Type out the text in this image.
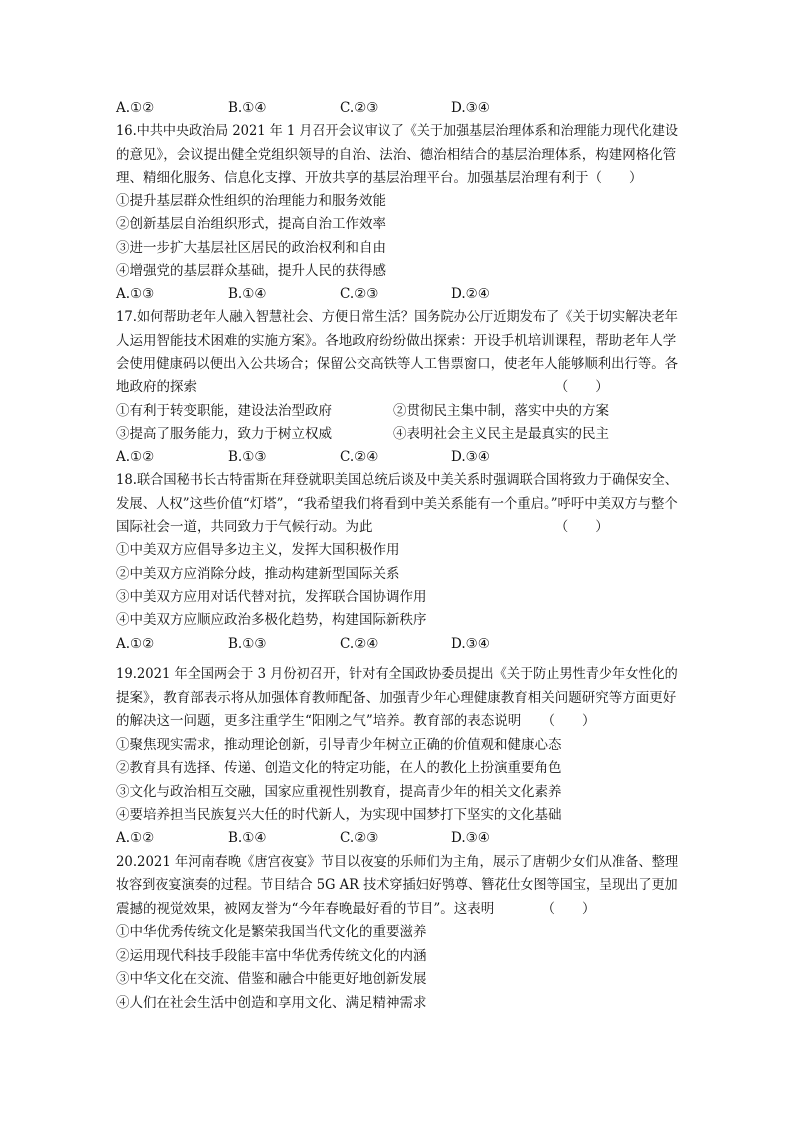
A.①②	B.①④	C.②③	D.③④
16.中共中央政治局 2021 年 1 月召开会议审议了《关于加强基层治理体系和治理能力现代化建设
的意见》，会议提出健全党组织领导的自治、法治、德治相结合的基层治理体系，构建网格化管
理、精细化服务、信息化支撑、开放共享的基层治理平台。加强基层治理有利于（　　）
①提升基层群众性组织的治理能力和服务效能
②创新基层自治组织形式，提高自治工作效率
③进一步扩大基层社区居民的政治权利和自由
④增强党的基层群众基础，提升人民的获得感
A.①③	B.①④	C.②③	D.②④
17.如何帮助老年人融入智慧社会、方便日常生活？国务院办公厅近期发布了《关于切实解决老年
人运用智能技术困难的实施方案》。各地政府纷纷做出探索：开设手机培训课程，帮助老年人学
会使用健康码以便出入公共场合；保留公交高铁等人工售票窗口，使老年人能够顺利出行等。各
地政府的探索　　　　　　　　　　　　　　　　　　　　　　　　　　　（　　）
①有利于转变职能，建设法治型政府	②贯彻民主集中制，落实中央的方案
③提高了服务能力，致力于树立权威	④表明社会主义民主是最真实的民主
A.①②	B.①③	C.②④	D.③④
18.联合国秘书长古特雷斯在拜登就职美国总统后谈及中美关系时强调联合国将致力于确保安全、
发展、人权”这些价值“灯塔”，“我希望我们将看到中美关系能有一个重启。”呼吁中美双方与整个
国际社会一道，共同致力于气候行动。为此　　　　　　　　　　　　　　（　　）
①中美双方应倡导多边主义，发挥大国积极作用
②中美双方应消除分歧，推动构建新型国际关系
③中美双方应用对话代替对抗，发挥联合国协调作用
④中美双方应顺应政治多极化趋势，构建国际新秩序
A.①②	B.①③	C.②④	D.③④
19.2021 年全国两会于 3 月份初召开，针对有全国政协委员提出《关于防止男性青少年女性化的
提案》，教育部表示将从加强体育教师配备、加强青少年心理健康教育相关问题研究等方面更好
的解决这一问题，更多注重学生“阳刚之气”培养。教育部的表态说明　　（　　）
①聚焦现实需求，推动理论创新，引导青少年树立正确的价值观和健康心态
②教育具有选择、传递、创造文化的特定功能，在人的教化上扮演重要角色
③文化与政治相互交融，国家应重视性别教育，提高青少年的相关文化素养
④要培养担当民族复兴大任的时代新人，为实现中国梦打下坚实的文化基础
A.①②	B.①④	C.②③	D.③④
20.2021 年河南春晚《唐宫夜宴》节目以夜宴的乐师们为主角，展示了唐朝少女们从准备、整理
妆容到夜宴演奏的过程。节目结合 5G AR 技术穿插妇好鸮尊、簪花仕女图等国宝，呈现出了更加
震撼的视觉效果，被网友誉为“今年春晚最好看的节目”。这表明　　　　（　　）
①中华优秀传统文化是繁荣我国当代文化的重要滋养
②运用现代科技手段能丰富中华优秀传统文化的内涵
③中华文化在交流、借鉴和融合中能更好地创新发展
④人们在社会生活中创造和享用文化、满足精神需求
